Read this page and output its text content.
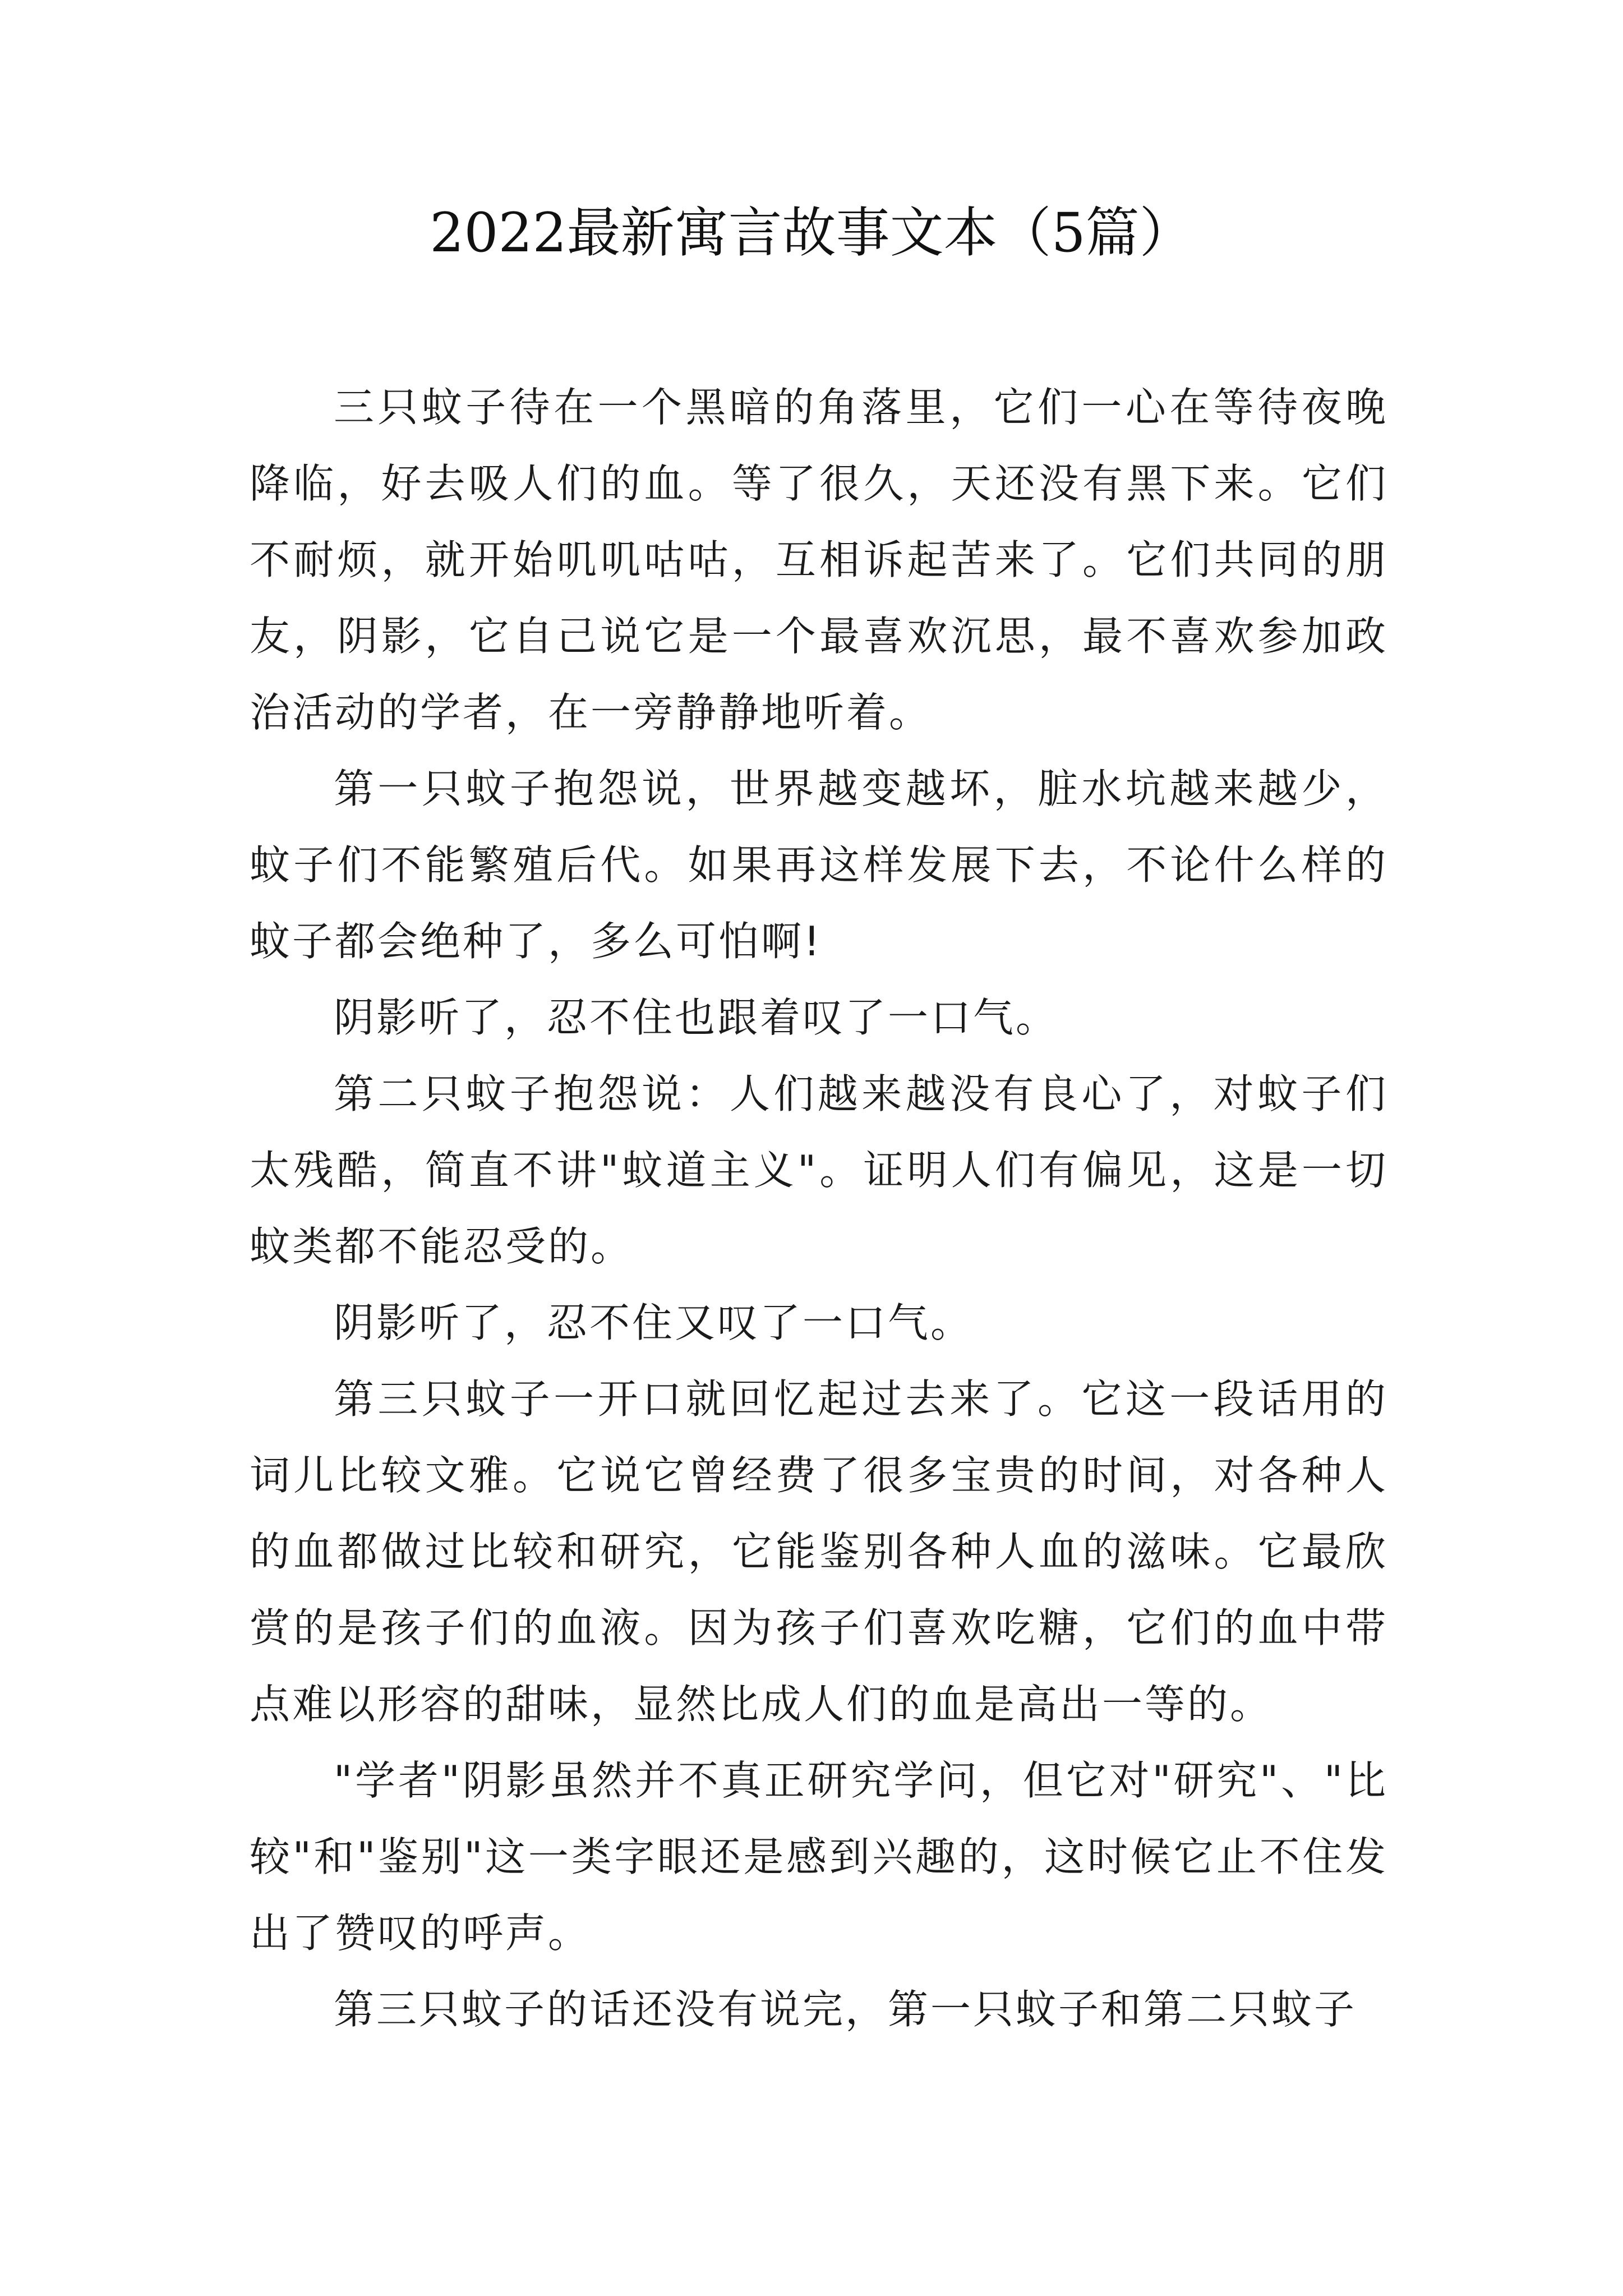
2022最新寓言故事文本（5篇）

三只蚊子待在一个黑暗的角落里，它们一心在等待夜晚降临，好去吸人们的血。等了很久，天还没有黑下来。它们不耐烦，就开始叽叽咕咕，互相诉起苦来了。它们共同的朋友，阴影，它自己说它是一个最喜欢沉思，最不喜欢参加政治活动的学者，在一旁静静地听着。

第一只蚊子抱怨说，世界越变越坏，脏水坑越来越少，蚊子们不能繁殖后代。如果再这样发展下去，不论什么样的蚊子都会绝种了，多么可怕啊!

阴影听了，忍不住也跟着叹了一口气。

第二只蚊子抱怨说：人们越来越没有良心了，对蚊子们太残酷，简直不讲"蚊道主义"。证明人们有偏见，这是一切蚊类都不能忍受的。

阴影听了，忍不住又叹了一口气。

第三只蚊子一开口就回忆起过去来了。它这一段话用的词儿比较文雅。它说它曾经费了很多宝贵的时间，对各种人的血都做过比较和研究，它能鉴别各种人血的滋味。它最欣赏的是孩子们的血液。因为孩子们喜欢吃糖，它们的血中带点难以形容的甜味，显然比成人们的血是高出一等的。

"学者"阴影虽然并不真正研究学问，但它对"研究"、"比较"和"鉴别"这一类字眼还是感到兴趣的，这时候它止不住发出了赞叹的呼声。

第三只蚊子的话还没有说完，第一只蚊子和第二只蚊子
